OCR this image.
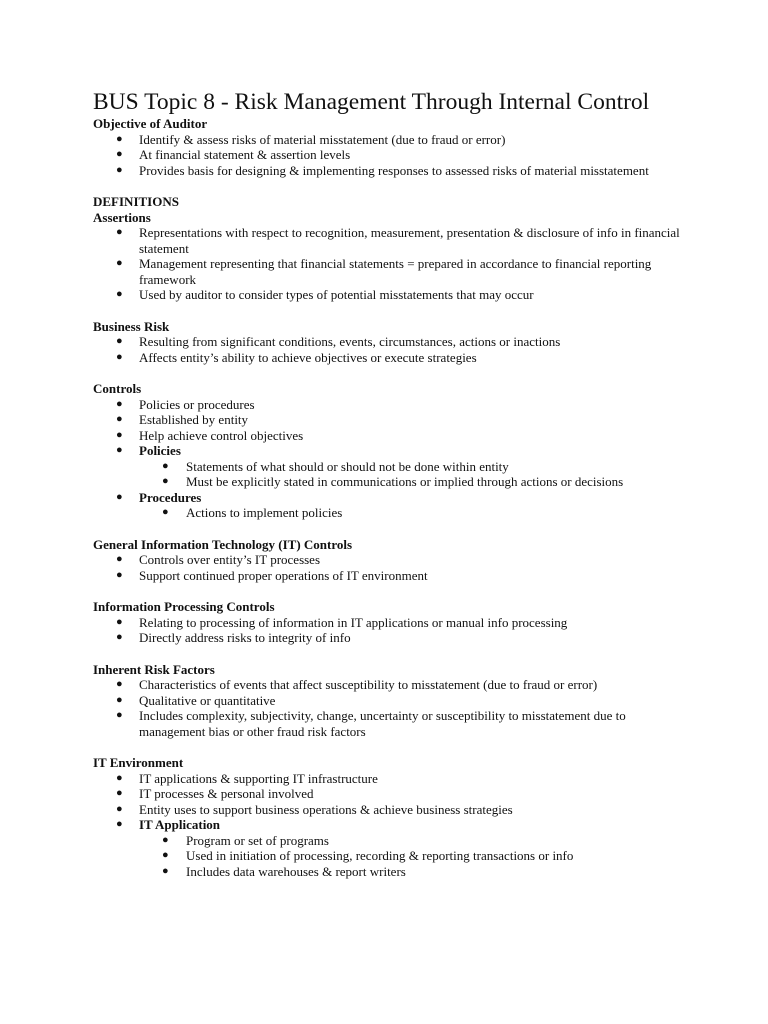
BUS Topic 8 - Risk Management Through Internal Control
Objective of Auditor
● Identify & assess risks of material misstatement (due to fraud or error)
● At financial statement & assertion levels
● Provides basis for designing & implementing responses to assessed risks of material misstatement
DEFINITIONS
Assertions
● Representations with respect to recognition, measurement, presentation & disclosure of info in financial statement
● Management representing that financial statements = prepared in accordance to financial reporting framework
● Used by auditor to consider types of potential misstatements that may occur
Business Risk
● Resulting from significant conditions, events, circumstances, actions or inactions
● Affects entity’s ability to achieve objectives or execute strategies
Controls
● Policies or procedures
● Established by entity
● Help achieve control objectives
● Policies
● Statements of what should or should not be done within entity
● Must be explicitly stated in communications or implied through actions or decisions
● Procedures
● Actions to implement policies
General Information Technology (IT) Controls
● Controls over entity’s IT processes
● Support continued proper operations of IT environment
Information Processing Controls
● Relating to processing of information in IT applications or manual info processing
● Directly address risks to integrity of info
Inherent Risk Factors
● Characteristics of events that affect susceptibility to misstatement (due to fraud or error)
● Qualitative or quantitative
● Includes complexity, subjectivity, change, uncertainty or susceptibility to misstatement due to management bias or other fraud risk factors
IT Environment
● IT applications & supporting IT infrastructure
● IT processes & personal involved
● Entity uses to support business operations & achieve business strategies
● IT Application
● Program or set of programs
● Used in initiation of processing, recording & reporting transactions or info
● Includes data warehouses & report writers
